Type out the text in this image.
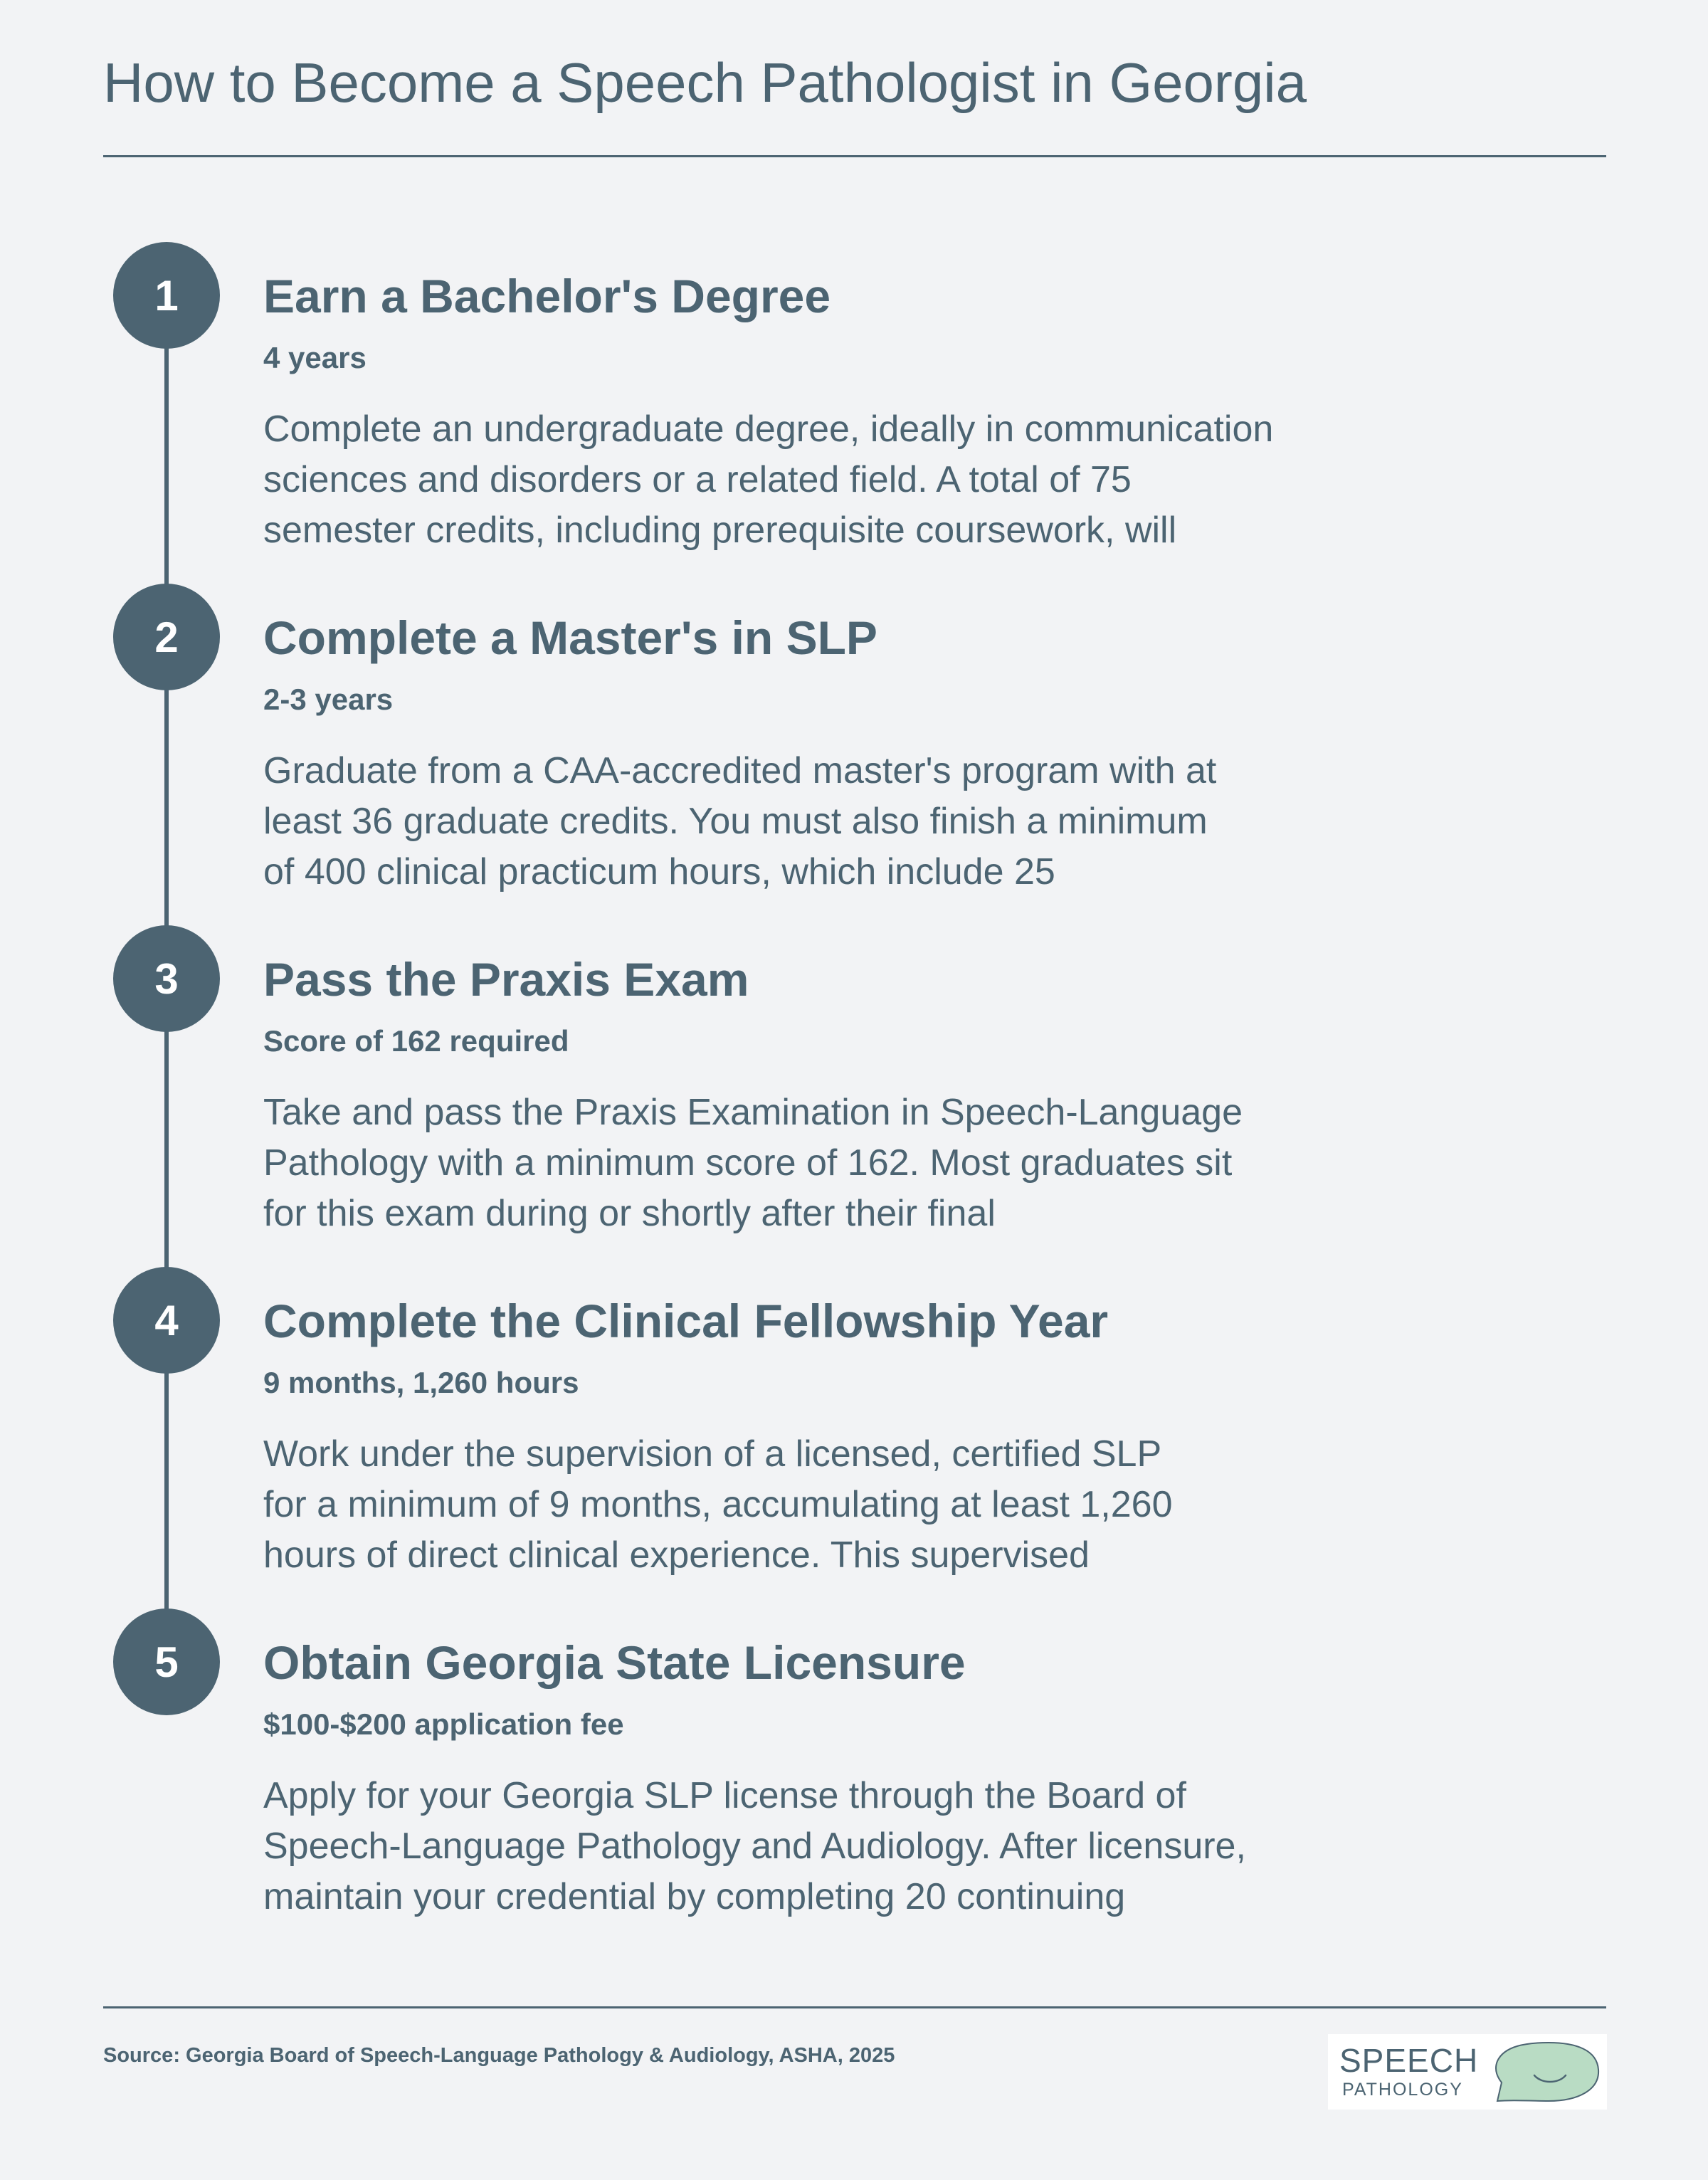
How to Become a Speech Pathologist in Georgia
1	Earn a Bachelor's Degree
4 years
Complete an undergraduate degree, ideally in communication
sciences and disorders or a related field. A total of 75
semester credits, including prerequisite coursework, will
2	Complete a Master's in SLP
2-3 years
Graduate from a CAA-accredited master's program with at
least 36 graduate credits. You must also finish a minimum
of 400 clinical practicum hours, which include 25
3	Pass the Praxis Exam
Score of 162 required
Take and pass the Praxis Examination in Speech-Language
Pathology with a minimum score of 162. Most graduates sit
for this exam during or shortly after their final
4	Complete the Clinical Fellowship Year
9 months, 1,260 hours
Work under the supervision of a licensed, certified SLP
for a minimum of 9 months, accumulating at least 1,260
hours of direct clinical experience. This supervised
5	Obtain Georgia State Licensure
$100-$200 application fee
Apply for your Georgia SLP license through the Board of
Speech-Language Pathology and Audiology. After licensure,
maintain your credential by completing 20 continuing
Source: Georgia Board of Speech-Language Pathology & Audiology, ASHA, 2025	SPEECH
PATHOLOGY
